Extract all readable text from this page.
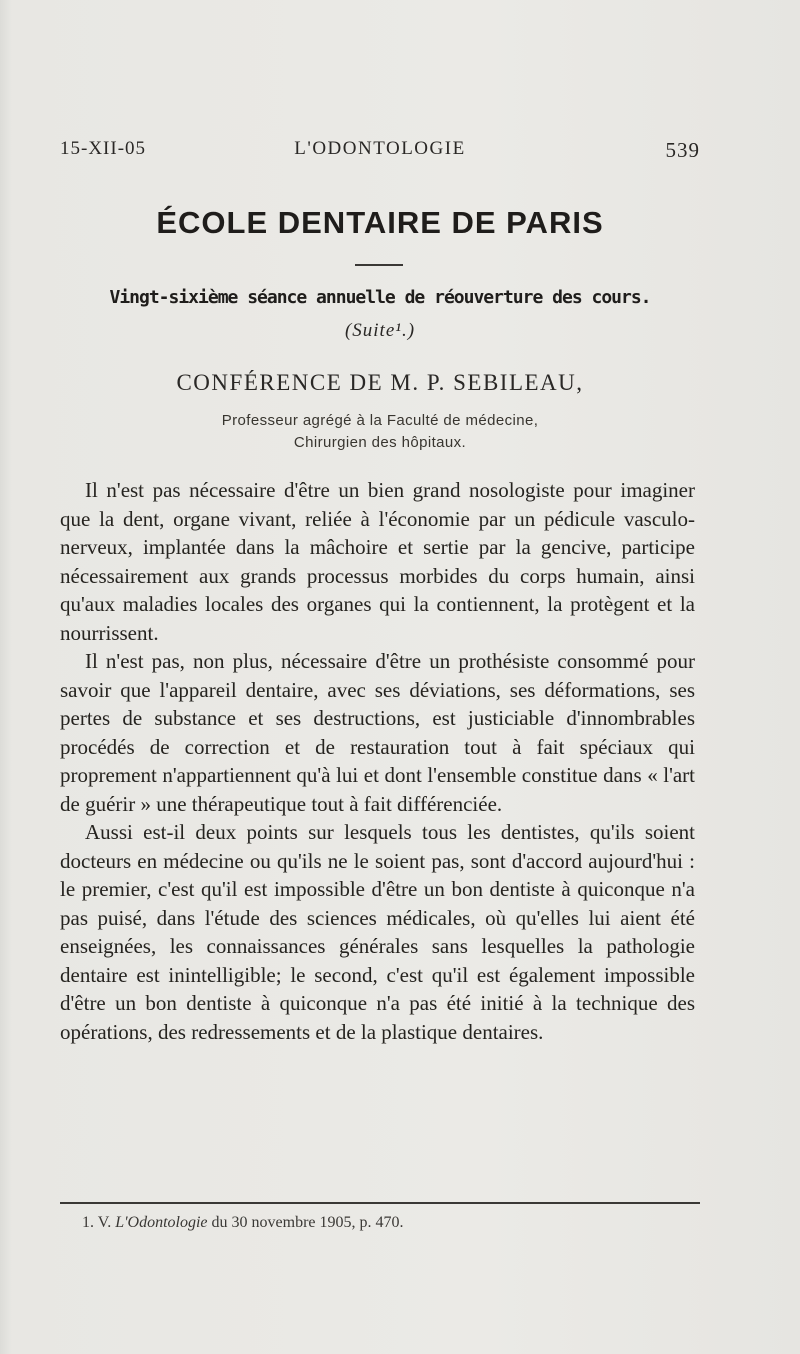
15-XII-05	L'ODONTOLOGIE	539
ÉCOLE DENTAIRE DE PARIS
Vingt-sixième séance annuelle de réouverture des cours.
(Suite¹.)
CONFÉRENCE DE M. P. SEBILEAU,
Professeur agrégé à la Faculté de médecine,
Chirurgien des hôpitaux.

Il n'est pas nécessaire d'être un bien grand nosologiste pour imaginer que la dent, organe vivant, reliée à l'économie par un pédicule vasculo-nerveux, implantée dans la mâchoire et sertie par la gencive, participe nécessairement aux grands processus morbides du corps humain, ainsi qu'aux maladies locales des organes qui la contiennent, la protègent et la nourrissent.

Il n'est pas, non plus, nécessaire d'être un prothésiste consommé pour savoir que l'appareil dentaire, avec ses déviations, ses déformations, ses pertes de substance et ses destructions, est justiciable d'innombrables procédés de correction et de restauration tout à fait spéciaux qui proprement n'appartiennent qu'à lui et dont l'ensemble constitue dans « l'art de guérir » une thérapeutique tout à fait différenciée.

Aussi est-il deux points sur lesquels tous les dentistes, qu'ils soient docteurs en médecine ou qu'ils ne le soient pas, sont d'accord aujourd'hui : le premier, c'est qu'il est impossible d'être un bon dentiste à quiconque n'a pas puisé, dans l'étude des sciences médicales, où qu'elles lui aient été enseignées, les connaissances générales sans lesquelles la pathologie dentaire est inintelligible; le second, c'est qu'il est également impossible d'être un bon dentiste à quiconque n'a pas été initié à la technique des opérations, des redressements et de la plastique dentaires.

1. V. L'Odontologie du 30 novembre 1905, p. 470.
